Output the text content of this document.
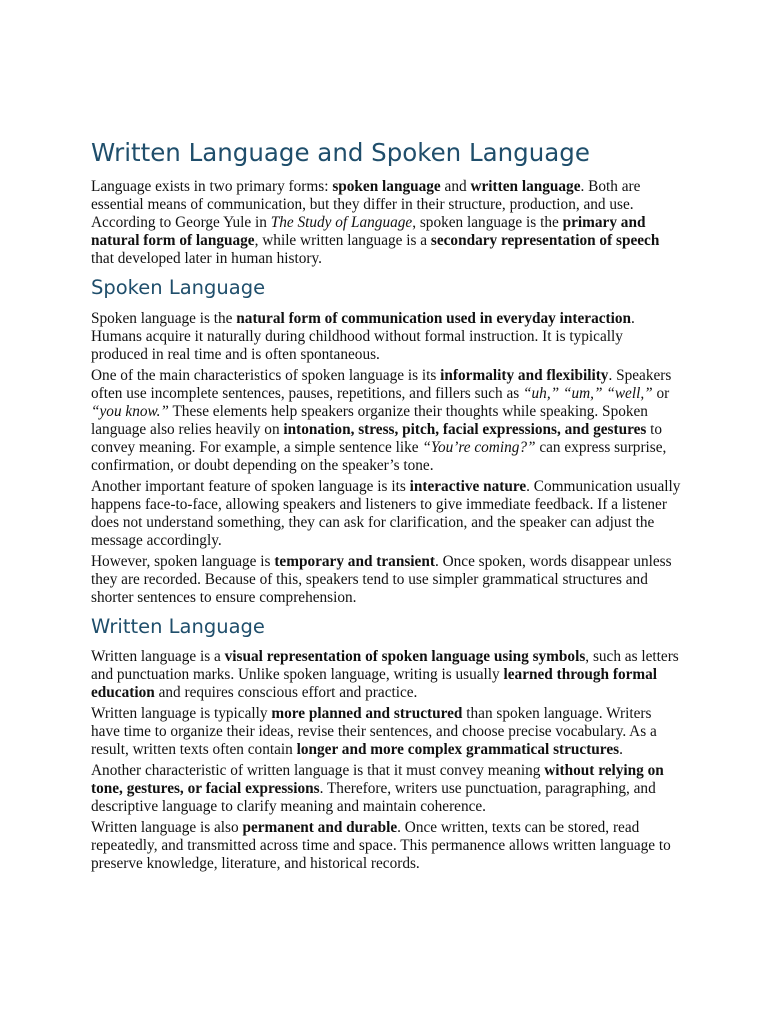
Written Language and Spoken Language

Language exists in two primary forms: spoken language and written language. Both are essential means of communication, but they differ in their structure, production, and use. According to George Yule in The Study of Language, spoken language is the primary and natural form of language, while written language is a secondary representation of speech that developed later in human history.

Spoken Language

Spoken language is the natural form of communication used in everyday interaction. Humans acquire it naturally during childhood without formal instruction. It is typically produced in real time and is often spontaneous.

One of the main characteristics of spoken language is its informality and flexibility. Speakers often use incomplete sentences, pauses, repetitions, and fillers such as “uh,” “um,” “well,” or “you know.” These elements help speakers organize their thoughts while speaking. Spoken language also relies heavily on intonation, stress, pitch, facial expressions, and gestures to convey meaning. For example, a simple sentence like “You’re coming?” can express surprise, confirmation, or doubt depending on the speaker’s tone.

Another important feature of spoken language is its interactive nature. Communication usually happens face-to-face, allowing speakers and listeners to give immediate feedback. If a listener does not understand something, they can ask for clarification, and the speaker can adjust the message accordingly.

However, spoken language is temporary and transient. Once spoken, words disappear unless they are recorded. Because of this, speakers tend to use simpler grammatical structures and shorter sentences to ensure comprehension.

Written Language

Written language is a visual representation of spoken language using symbols, such as letters and punctuation marks. Unlike spoken language, writing is usually learned through formal education and requires conscious effort and practice.

Written language is typically more planned and structured than spoken language. Writers have time to organize their ideas, revise their sentences, and choose precise vocabulary. As a result, written texts often contain longer and more complex grammatical structures.

Another characteristic of written language is that it must convey meaning without relying on tone, gestures, or facial expressions. Therefore, writers use punctuation, paragraphing, and descriptive language to clarify meaning and maintain coherence.

Written language is also permanent and durable. Once written, texts can be stored, read repeatedly, and transmitted across time and space. This permanence allows written language to preserve knowledge, literature, and historical records.
